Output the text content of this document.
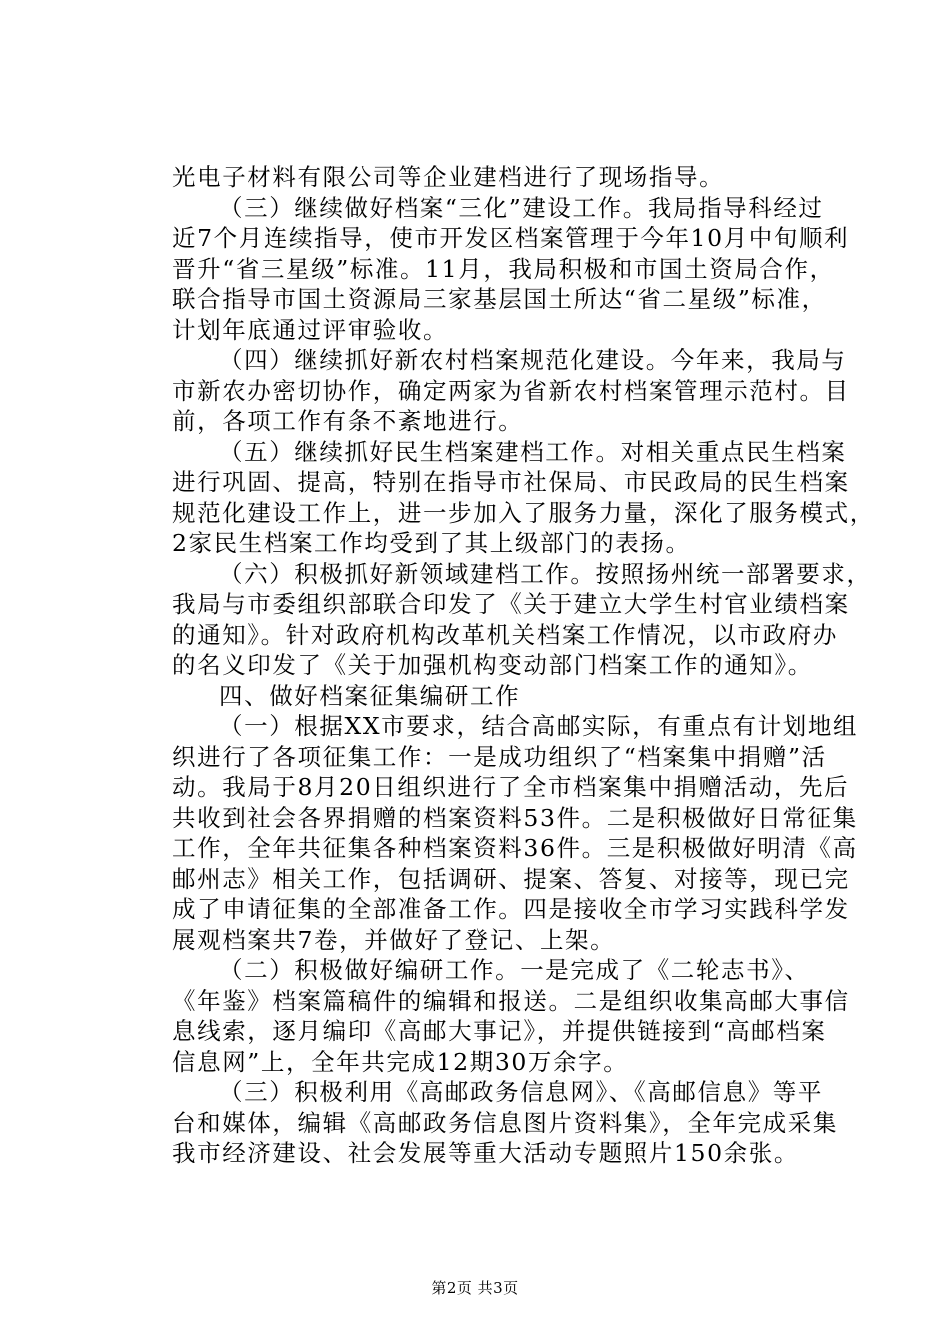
光电子材料有限公司等企业建档进行了现场指导。
（三）继续做好档案“三化”建设工作。我局指导科经过
近7个月连续指导，使市开发区档案管理于今年10月中旬顺利
晋升“省三星级”标准。11月，我局积极和市国土资局合作，
联合指导市国土资源局三家基层国土所达“省二星级”标准，
计划年底通过评审验收。
（四）继续抓好新农村档案规范化建设。今年来，我局与
市新农办密切协作，确定两家为省新农村档案管理示范村。目
前，各项工作有条不紊地进行。
（五）继续抓好民生档案建档工作。对相关重点民生档案
进行巩固、提高，特别在指导市社保局、市民政局的民生档案
规范化建设工作上，进一步加入了服务力量，深化了服务模式，
2家民生档案工作均受到了其上级部门的表扬。
（六）积极抓好新领域建档工作。按照扬州统一部署要求，
我局与市委组织部联合印发了《关于建立大学生村官业绩档案
的通知》。针对政府机构改革机关档案工作情况，以市政府办
的名义印发了《关于加强机构变动部门档案工作的通知》。
四、做好档案征集编研工作
（一）根据XX市要求，结合高邮实际，有重点有计划地组
织进行了各项征集工作：一是成功组织了“档案集中捐赠”活
动。我局于8月20日组织进行了全市档案集中捐赠活动，先后
共收到社会各界捐赠的档案资料53件。二是积极做好日常征集
工作，全年共征集各种档案资料36件。三是积极做好明清《高
邮州志》相关工作，包括调研、提案、答复、对接等，现已完
成了申请征集的全部准备工作。四是接收全市学习实践科学发
展观档案共7卷，并做好了登记、上架。
（二）积极做好编研工作。一是完成了《二轮志书》、
《年鉴》档案篇稿件的编辑和报送。二是组织收集高邮大事信
息线索，逐月编印《高邮大事记》，并提供链接到“高邮档案
信息网”上，全年共完成12期30万余字。
（三）积极利用《高邮政务信息网》、《高邮信息》等平
台和媒体，编辑《高邮政务信息图片资料集》，全年完成采集
我市经济建设、社会发展等重大活动专题照片150余张。
第2页 共3页
